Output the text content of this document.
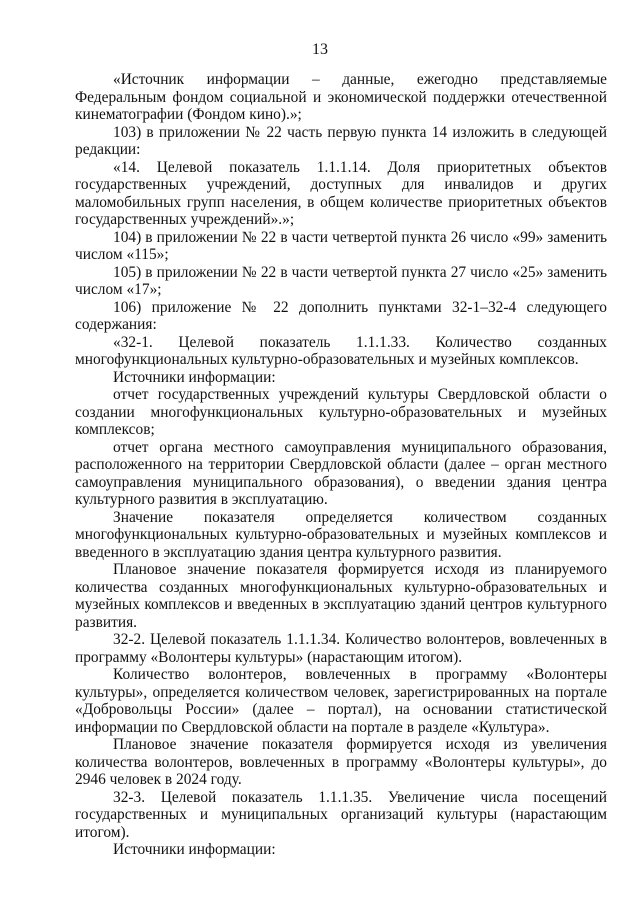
13

«Источник информации – данные, ежегодно представляемые Федеральным фондом социальной и экономической поддержки отечественной кинематографии (Фондом кино).»;

103) в приложении № 22 часть первую пункта 14 изложить в следующей редакции:

«14. Целевой показатель 1.1.1.14. Доля приоритетных объектов государственных учреждений, доступных для инвалидов и других маломобильных групп населения, в общем количестве приоритетных объектов государственных учреждений».»;

104) в приложении № 22 в части четвертой пункта 26 число «99» заменить числом «115»;

105) в приложении № 22 в части четвертой пункта 27 число «25» заменить числом «17»;

106) приложение № 22 дополнить пунктами 32-1–32-4 следующего содержания:

«32-1. Целевой показатель 1.1.1.33. Количество созданных многофункциональных культурно-образовательных и музейных комплексов.

Источники информации:

отчет государственных учреждений культуры Свердловской области о создании многофункциональных культурно-образовательных и музейных комплексов;

отчет органа местного самоуправления муниципального образования, расположенного на территории Свердловской области (далее – орган местного самоуправления муниципального образования), о введении здания центра культурного развития в эксплуатацию.

Значение показателя определяется количеством созданных многофункциональных культурно-образовательных и музейных комплексов и введенного в эксплуатацию здания центра культурного развития.

Плановое значение показателя формируется исходя из планируемого количества созданных многофункциональных культурно-образовательных и музейных комплексов и введенных в эксплуатацию зданий центров культурного развития.

32-2. Целевой показатель 1.1.1.34. Количество волонтеров, вовлеченных в программу «Волонтеры культуры» (нарастающим итогом).

Количество волонтеров, вовлеченных в программу «Волонтеры культуры», определяется количеством человек, зарегистрированных на портале «Добровольцы России» (далее – портал), на основании статистической информации по Свердловской области на портале в разделе «Культура».

Плановое значение показателя формируется исходя из увеличения количества волонтеров, вовлеченных в программу «Волонтеры культуры», до 2946 человек в 2024 году.

32-3. Целевой показатель 1.1.1.35. Увеличение числа посещений государственных и муниципальных организаций культуры (нарастающим итогом).

Источники информации:
